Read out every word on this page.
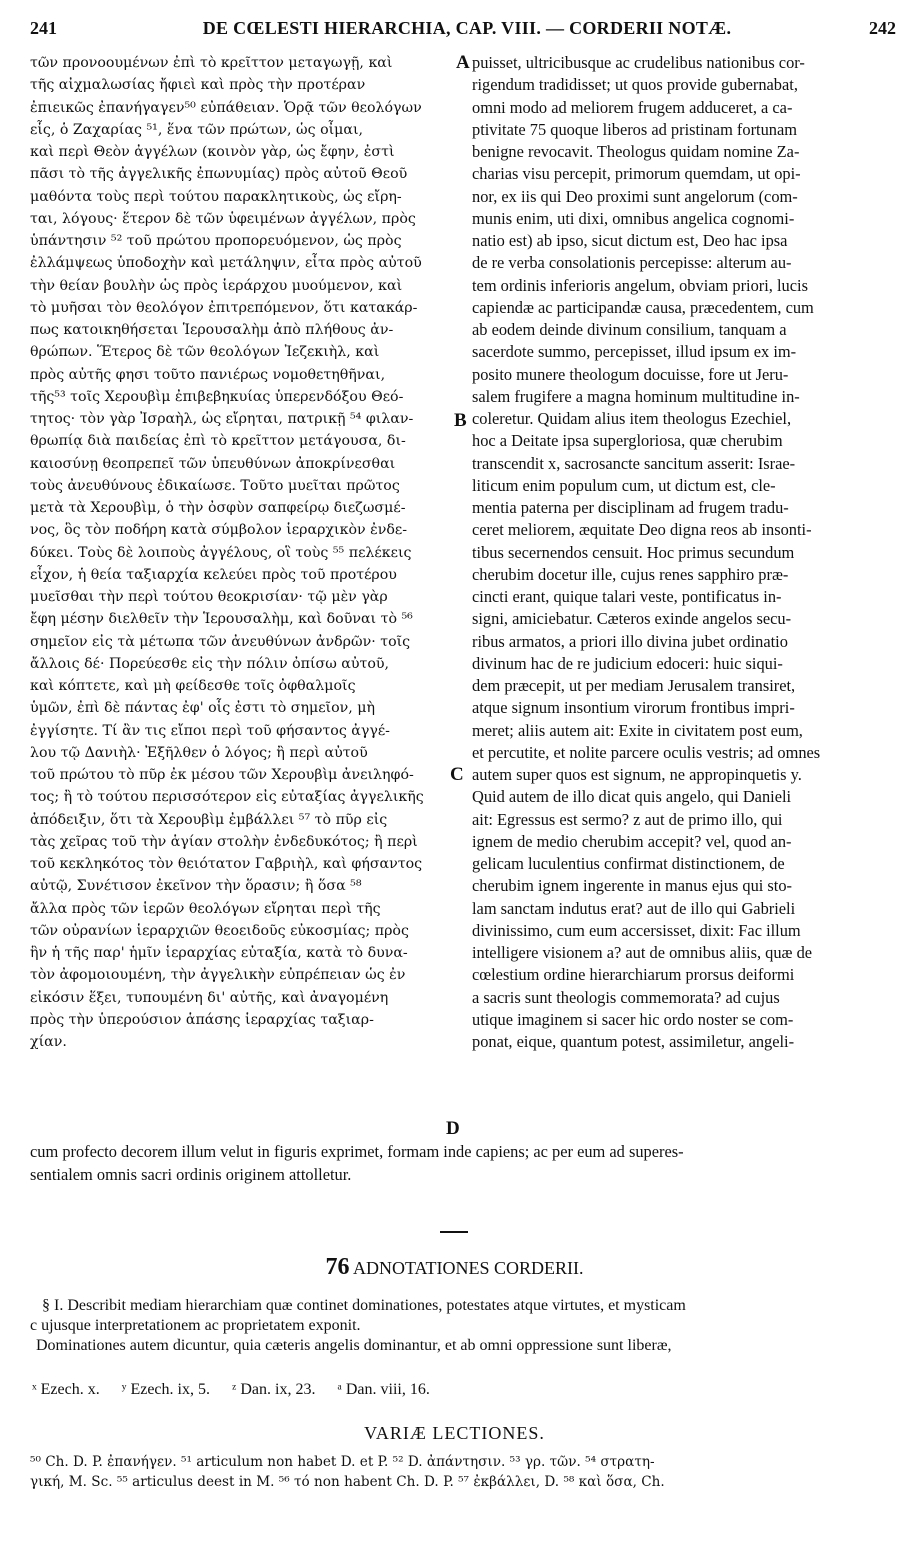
241	DE CŒLESTI HIERARCHIA, CAP. VIII. — CORDERII NOTÆ.	242
τῶν προνοουμένων ἐπὶ τὸ κρεῖττον μεταγωγῇ, καὶ
τῆς αἰχμαλωσίας ἤφιεὶ καὶ πρὸς τὴν προτέραν
ἐπιεικῶς ἐπανήγαγεν⁵⁰ εὐπάθειαν. Ὁρᾷ τῶν θεολόγων
εἷς, ὁ Ζαχαρίας ⁵¹, ἕνα τῶν πρώτων, ὡς οἶμαι,
καὶ περὶ Θεὸν ἀγγέλων (κοινὸν γὰρ, ὡς ἔφην, ἐστὶ
πᾶσι τὸ τῆς ἀγγελικῆς ἐπωνυμίας) πρὸς αὐτοῦ Θεοῦ
μαθόντα τοὺς περὶ τούτου παρακλητικοὺς, ὡς εἴρη-
ται, λόγους· ἕτερον δὲ τῶν ὑφειμένων ἀγγέλων, πρὸς
ὑπάντησιν ⁵² τοῦ πρώτου προπορευόμενον, ὡς πρὸς
ἐλλάμψεως ὑποδοχὴν καὶ μετάληψιν, εἶτα πρὸς αὐτοῦ
τὴν θείαν βουλὴν ὡς πρὸς ἱεράρχου μυούμενον, καὶ
τὸ μυῆσαι τὸν θεολόγον ἐπιτρεπόμενον, ὅτι κατακάρ-
πως κατοικηθήσεται Ἱερουσαλὴμ ἀπὸ πλήθους ἀν-
θρώπων. Ἕτερος δὲ τῶν θεολόγων Ἰεζεκιὴλ, καὶ
πρὸς αὐτῆς φησι τοῦτο πανιέρως νομοθετηθῆναι,
τῆς⁵³ τοῖς Χερουβὶμ ἐπιβεβηκυίας ὑπερενδόξου Θεό-
τητος· τὸν γὰρ Ἰσραὴλ, ὡς εἴρηται, πατρικῇ ⁵⁴ φιλαν-
θρωπίᾳ διὰ παιδείας ἐπὶ τὸ κρεῖττον μετάγουσα, δι-
καιοσύνῃ θεοπρεπεῖ τῶν ὑπευθύνων ἀποκρίνεσθαι
τοὺς ἀνευθύνους ἐδικαίωσε. Τοῦτο μυεῖται πρῶτος
μετὰ τὰ Χερουβὶμ, ὁ τὴν ὀσφὺν σαπφείρῳ διεζωσμέ-
νος, ὃς τὸν ποδήρη κατὰ σύμβολον ἱεραρχικὸν ἐνδε-
δύκει. Τοὺς δὲ λοιποὺς ἀγγέλους, οἳ τοὺς ⁵⁵ πελέκεις
εἶχον, ἡ θεία ταξιαρχία κελεύει πρὸς τοῦ προτέρου
μυεῖσθαι τὴν περὶ τούτου θεοκρισίαν· τῷ μὲν γὰρ
ἔφη μέσην διελθεῖν τὴν Ἱερουσαλὴμ, καὶ δοῦναι τὸ ⁵⁶
σημεῖον εἰς τὰ μέτωπα τῶν ἀνευθύνων ἀνδρῶν· τοῖς
ἄλλοις δέ· Πορεύεσθε εἰς τὴν πόλιν ὀπίσω αὐτοῦ,
καὶ κόπτετε, καὶ μὴ φείδεσθε τοῖς ὀφθαλμοῖς
ὑμῶν, ἐπὶ δὲ πάντας ἐφ' οἷς ἐστι τὸ σημεῖον, μὴ
ἐγγίσητε. Τί ἂν τις εἴποι περὶ τοῦ φήσαντος ἀγγέ-
λου τῷ Δανιὴλ· Ἐξῆλθεν ὁ λόγος; ἢ περὶ αὐτοῦ
τοῦ πρώτου τὸ πῦρ ἐκ μέσου τῶν Χερουβὶμ ἀνειληφό-
τος; ἢ τὸ τούτου περισσότερον εἰς εὐταξίας ἀγγελικῆς
ἀπόδειξιν, ὅτι τὰ Χερουβὶμ ἐμβάλλει ⁵⁷ τὸ πῦρ εἰς
τὰς χεῖρας τοῦ τὴν ἁγίαν στολὴν ἐνδεδυκότος; ἢ περὶ
τοῦ κεκληκότος τὸν θειότατον Γαβριὴλ, καὶ φήσαντος
αὐτῷ, Συνέτισον ἐκεῖνον τὴν ὅρασιν; ἢ ὅσα ⁵⁸
ἄλλα πρὸς τῶν ἱερῶν θεολόγων εἴρηται περὶ τῆς
τῶν οὐρανίων ἱεραρχιῶν θεοειδοῦς εὐκοσμίας; πρὸς
ἣν ἡ τῆς παρ' ἡμῖν ἱεραρχίας εὐταξία, κατὰ τὸ δυνα-
τὸν ἀφομοιουμένη, τὴν ἀγγελικὴν εὐπρέπειαν ὡς ἐν
εἰκόσιν ἕξει, τυπουμένη δι' αὐτῆς, καὶ ἀναγομένη
πρὸς τὴν ὑπερούσιον ἁπάσης ἱεραρχίας ταξιαρ-
χίαν.
puisset, ultricibusque ac crudelibus nationibus cor-
rigendum tradidisset; ut quos provide gubernabat,
omni modo ad meliorem frugem adduceret, a ca-
ptivitate 75 quoque liberos ad pristinam fortunam
benigne revocavit. Theologus quidam nomine Za-
charias visu percepit, primorum quemdam, ut opi-
nor, ex iis qui Deo proximi sunt angelorum (com-
munis enim, uti dixi, omnibus angelica cognomi-
natio est) ab ipso, sicut dictum est, Deo hac ipsa
de re verba consolationis percepisse: alterum au-
tem ordinis inferioris angelum, obviam priori, lucis
capiendæ ac participandæ causa, præcedentem, cum
ab eodem deinde divinum consilium, tanquam a
sacerdote summo, percepisset, illud ipsum ex im-
posito munere theologum docuisse, fore ut Jeru-
salem frugifere a magna hominum multitudine in-
coleretur. Quidam alius item theologus Ezechiel,
hoc a Deitate ipsa supergloriosa, quæ cherubim
transcendit x, sacrosancte sancitum asserit: Israe-
liticum enim populum cum, ut dictum est, cle-
mentia paterna per disciplinam ad frugem tradu-
ceret meliorem, æquitate Deo digna reos ab insonti-
tibus secernendos censuit. Hoc primus secundum
cherubim docetur ille, cujus renes sapphiro præ-
cincti erant, quique talari veste, pontificatus in-
signi, amiciebatur. Cæteros exinde angelos secu-
ribus armatos, a priori illo divina jubet ordinatio
divinum hac de re judicium edoceri: huic siqui-
dem præcepit, ut per mediam Jerusalem transiret,
atque signum insontium virorum frontibus impri-
meret; aliis autem ait: Exite in civitatem post eum,
et percutite, et nolite parcere oculis vestris; ad omnes
autem super quos est signum, ne appropinquetis y.
Quid autem de illo dicat quis angelo, qui Danieli
ait: Egressus est sermo? z aut de primo illo, qui
ignem de medio cherubim accepit? vel, quod an-
gelicam luculentius confirmat distinctionem, de
cherubim ignem ingerente in manus ejus qui sto-
lam sanctam indutus erat? aut de illo qui Gabrieli
divinissimo, cum eum accersisset, dixit: Fac illum
intelligere visionem a? aut de omnibus aliis, quæ de
cœlestium ordine hierarchiarum prorsus deiformi
a sacris sunt theologis commemorata? ad cujus
utique imaginem si sacer hic ordo noster se com-
ponat, eique, quantum potest, assimiletur, angeli-
A
B
C
D
cum profecto decorem illum velut in figuris exprimet, formam inde capiens; ac per eum ad superes-
sentialem omnis sacri ordinis originem attolletur.
76 ADNOTATIONES CORDERII.
§ I. Describit mediam hierarchiam quæ continet dominationes, potestates atque virtutes, et mysticam
c ujusque interpretationem ac proprietatem exponit.
Dominationes autem dicuntur, quia cæteris angelis dominantur, et ab omni oppressione sunt liberæ,
ˣ Ezech. x. ʸ Ezech. ix, 5. ᶻ Dan. ix, 23. ᵃ Dan. viii, 16.
VARIÆ LECTIONES.
⁵⁰ Ch. D. P. ἐπανήγεν. ⁵¹ articulum non habet D. et P. ⁵² D. ἀπάντησιν. ⁵³ γρ. τῶν. ⁵⁴ στρατη-
γική, M. Sc. ⁵⁵ articulus deest in M. ⁵⁶ τό non habent Ch. D. P. ⁵⁷ ἐκβάλλει, D. ⁵⁸ καὶ ὅσα, Ch.
